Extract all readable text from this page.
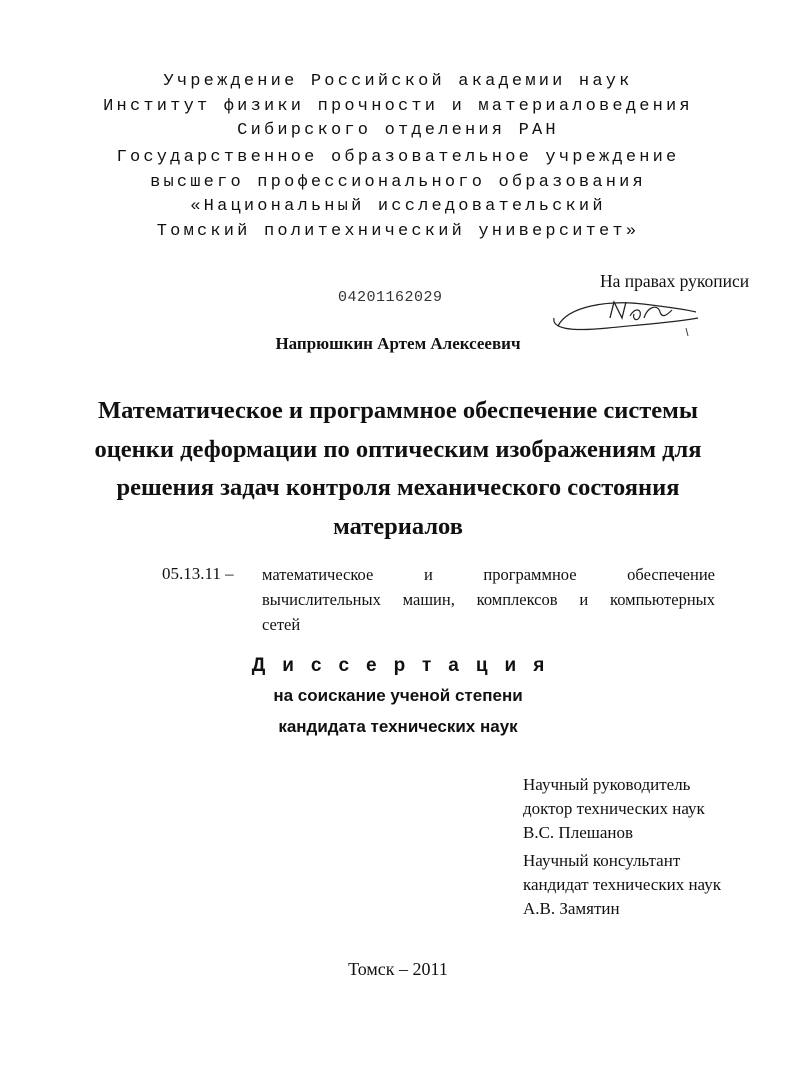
Учреждение Российской академии наук
Институт физики прочности и материаловедения
Сибирского отделения РАН
Государственное образовательное учреждение
высшего профессионального образования
«Национальный исследовательский
Томский политехнический университет»
На правах рукописи
04201162029
Напрюшкин Артем Алексеевич
Математическое и программное обеспечение системы
оценки деформации по оптическим изображениям для
решения задач контроля механического состояния
материалов
05.13.11 – математическое и программное обеспечение
вычислительных машин, комплексов и компьютерных
сетей
Диссертация
на соискание ученой степени
кандидата технических наук
Научный руководитель
доктор технических наук
В.С. Плешанов
Научный консультант
кандидат технических наук
А.В. Замятин
Томск – 2011
